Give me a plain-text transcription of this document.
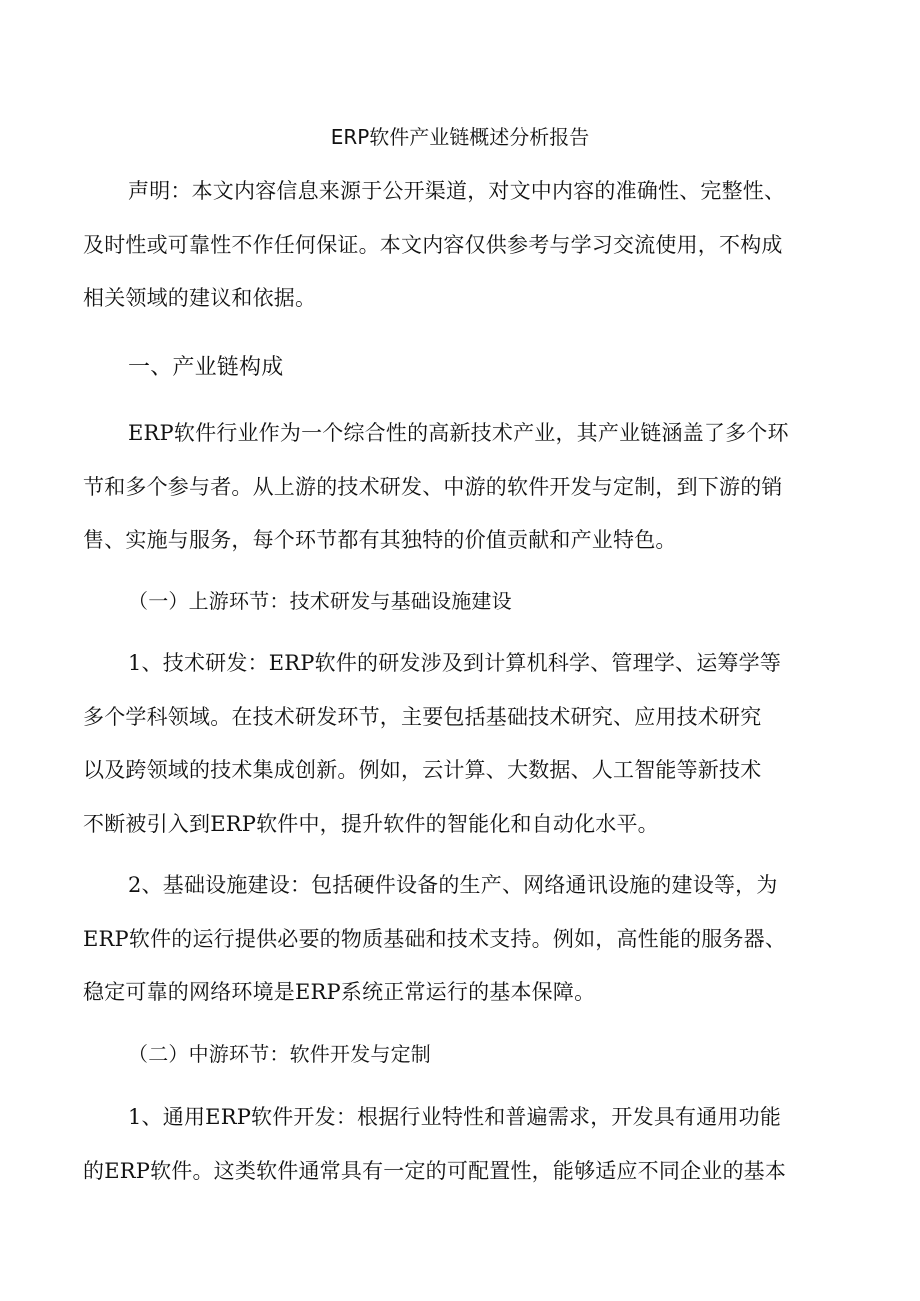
ERP软件产业链概述分析报告
声明：本文内容信息来源于公开渠道，对文中内容的准确性、完整性、
及时性或可靠性不作任何保证。本文内容仅供参考与学习交流使用，不构成
相关领域的建议和依据。
一、产业链构成
ERP软件行业作为一个综合性的高新技术产业，其产业链涵盖了多个环
节和多个参与者。从上游的技术研发、中游的软件开发与定制，到下游的销
售、实施与服务，每个环节都有其独特的价值贡献和产业特色。
（一）上游环节：技术研发与基础设施建设
1、技术研发：ERP软件的研发涉及到计算机科学、管理学、运筹学等
多个学科领域。在技术研发环节，主要包括基础技术研究、应用技术研究
以及跨领域的技术集成创新。例如，云计算、大数据、人工智能等新技术
不断被引入到ERP软件中，提升软件的智能化和自动化水平。
2、基础设施建设：包括硬件设备的生产、网络通讯设施的建设等，为
ERP软件的运行提供必要的物质基础和技术支持。例如，高性能的服务器、
稳定可靠的网络环境是ERP系统正常运行的基本保障。
（二）中游环节：软件开发与定制
1、通用ERP软件开发：根据行业特性和普遍需求，开发具有通用功能
的ERP软件。这类软件通常具有一定的可配置性，能够适应不同企业的基本
